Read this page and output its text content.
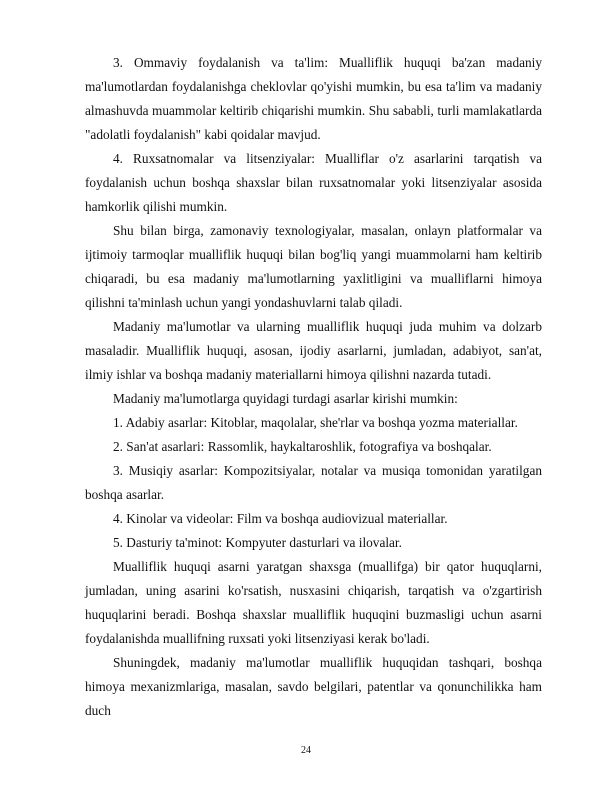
3. Ommaviy foydalanish va ta'lim: Mualliflik huquqi ba'zan madaniy ma'lumotlardan foydalanishga cheklovlar qo'yishi mumkin, bu esa ta'lim va madaniy almashuvda muammolar keltirib chiqarishi mumkin. Shu sababli, turli mamlakatlarda "adolatli foydalanish" kabi qoidalar mavjud.

4. Ruxsatnomalar va litsenziyalar: Mualliflar o'z asarlarini tarqatish va foydalanish uchun boshqa shaxslar bilan ruxsatnomalar yoki litsenziyalar asosida hamkorlik qilishi mumkin.

Shu bilan birga, zamonaviy texnologiyalar, masalan, onlayn platformalar va ijtimoiy tarmoqlar mualliflik huquqi bilan bog'liq yangi muammolarni ham keltirib chiqaradi, bu esa madaniy ma'lumotlarning yaxlitligini va mualliflarni himoya qilishni ta'minlash uchun yangi yondashuvlarni talab qiladi.

Madaniy ma'lumotlar va ularning mualliflik huquqi juda muhim va dolzarb masaladir. Mualliflik huquqi, asosan, ijodiy asarlarni, jumladan, adabiyot, san'at, ilmiy ishlar va boshqa madaniy materiallarni himoya qilishni nazarda tutadi.

Madaniy ma'lumotlarga quyidagi turdagi asarlar kirishi mumkin:

1. Adabiy asarlar: Kitoblar, maqolalar, she'rlar va boshqa yozma materiallar.

2. San'at asarlari: Rassomlik, haykaltaroshlik, fotografiya va boshqalar.

3. Musiqiy asarlar: Kompozitsiyalar, notalar va musiqa tomonidan yaratilgan boshqa asarlar.

4. Kinolar va videolar: Film va boshqa audiovizual materiallar.

5. Dasturiy ta'minot: Kompyuter dasturlari va ilovalar.

Mualliflik huquqi asarni yaratgan shaxsga (muallifga) bir qator huquqlarni, jumladan, uning asarini ko'rsatish, nusxasini chiqarish, tarqatish va o'zgartirish huquqlarini beradi. Boshqa shaxslar mualliflik huquqini buzmasligi uchun asarni foydalanishda muallifning ruxsati yoki litsenziyasi kerak bo'ladi.

Shuningdek, madaniy ma'lumotlar mualliflik huquqidan tashqari, boshqa himoya mexanizmlariga, masalan, savdo belgilari, patentlar va qonunchilikka ham duch

24
